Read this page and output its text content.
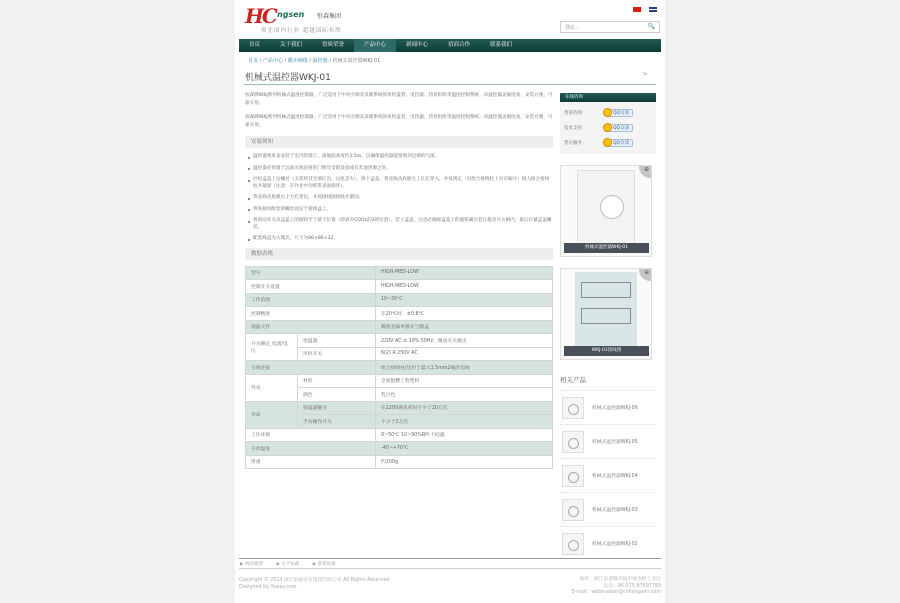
HC ngsen 恒森集团
领先国内行业 超越国际名牌	搜索...	🔍
首页	关于我们	资质荣誉	产品中心	新闻中心	招商合作	联系我们
首页 / 产品中心 / 暖冲阀组 / 温控器 / 机械式温控器WKJ-01
机械式温控器WKJ-01	>

恒森牌WKJ系列机械式温度控制器，广泛适用于中央空调及采暖系统的风机盘管、电热器、热泵机组等温度控制系统。该温控器灵敏度高，安装方便，可靠实用。

恒森牌WKJ系列机械式温度控制器，广泛适用于中央空调及采暖系统的风机盘管、电热器、热泵机组等温度控制系统。该温控器灵敏度高，安装方便，可靠实用。

安装须知
温控器须垂直安装于室内的墙上，离地面高度约1.5m，以确保温控器能接收到足够的气流。
温控器必须置于远离光线直射的门窗及受阻设备或有其他热源之处。
拧松盒盖上边螺丝（无需将其全部拧出，以免丢失），拆下盒盖。将连线从底板左上长孔穿入，并按规定（见组合接线柱上对应编号）接入组合接线柱并紧固（注意：在作业中勿抓带表面损坏）。
将连线从底板右上方孔穿出，并按接线图接线并紧固。
将底板用配套的螺丝固定于接线盒上。
将滑动开关及盒盖上的旋钮至于最下位置（即表有COOL的3的位置），装上盒盖。注意必确保盒盖上的旋钮确实套在拨动开关柄内，最后拧紧盒盖螺丝。
配套线盒为入墙式，尺寸为86×86×32。
数据表格
型号		HIGH-MED-LOW
控制开关设置		HIGH-MED-LOW
工作范围		10~30℃
控制精度		在20℃时，±0.8℃
感温元件		稀密金属单极充气膜盒
开关额定 电流/电压	恒温器	220V AC ± 10% 50Hz，微动开关输出
	风机开关	6(2) A 250V AC
引线连接		组合接线柱/适用于最大1.5mm2截的电线
外壳	材料	全部阻燃工程塑料
	颜色	乳白色
寿命	恒温器触点	在220V满负荷时不少于20万次
	手动操作开关	不少于2万次
工作环境		0~50℃ 10~90%RH 不结露
存放温度		-40~+70℃
净重		约200g
在线咨询
售前咨询：	QQ交谈
技术支持：	QQ交谈
售后服务：	QQ交谈
⊕
机械式温控器WKJ-01
⊕
WKJ-01接线图
相关产品
机械式温控器WKJ-06
机械式温控器WKJ-05
机械式温控器WKJ-04
机械式温控器WKJ-03
机械式温控器WKJ-02
▶ 网站地图	▶ 关于恒森	▶ 联系恒森
Copyright © 2013 浙江恒森实业集团有限公司 All Rights Reserved.
Designed by Yoway.com
地址：浙江省诸暨市阮市镇金桥工业区
电话：86-575-87697789
E-mail：webmaster@cnhengsen.com
